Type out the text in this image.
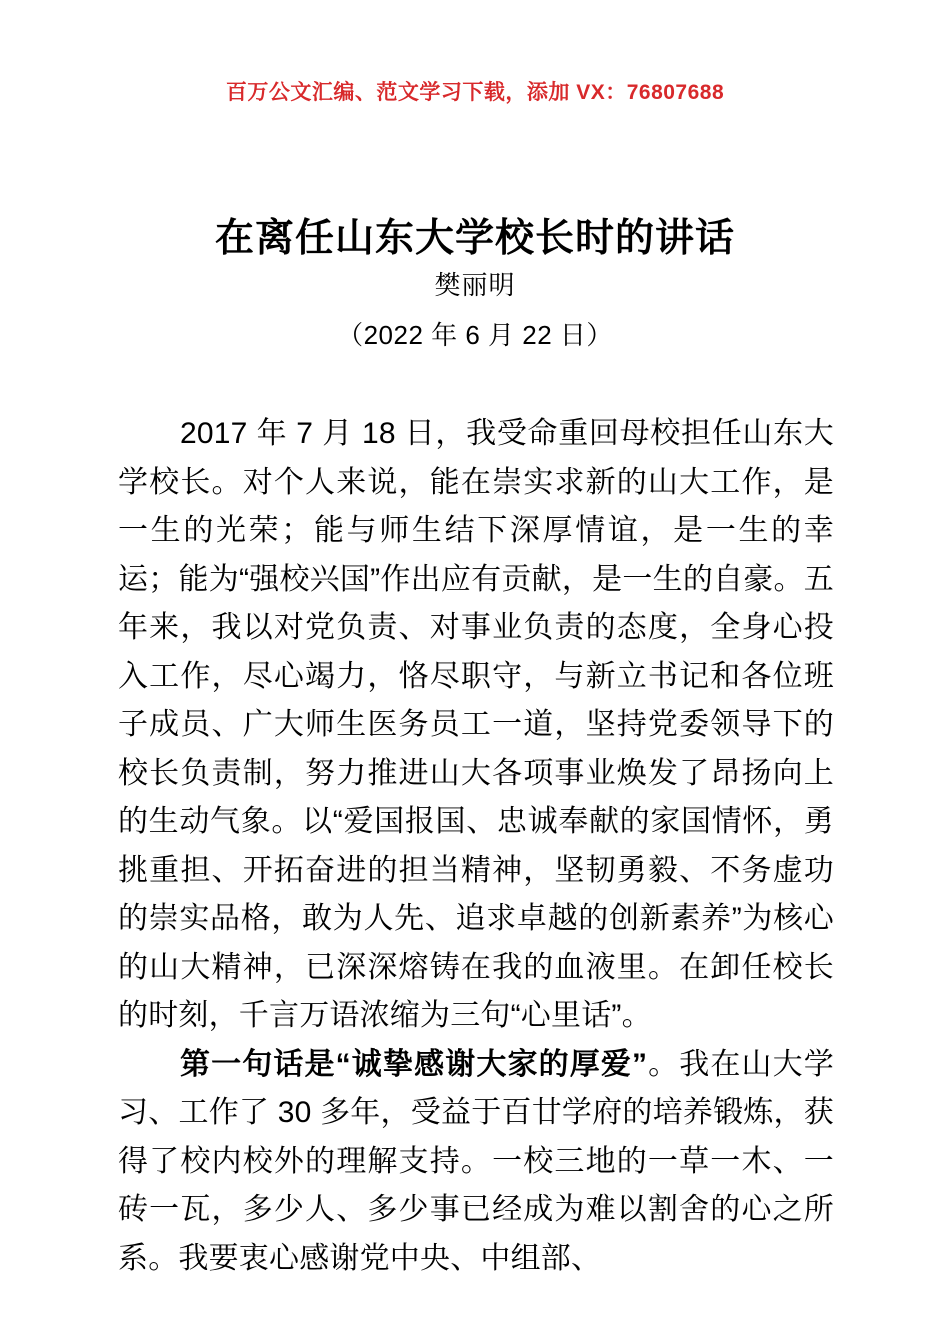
百万公文汇编、范文学习下载，添加 VX：76807688
在离任山东大学校长时的讲话
樊丽明
（2022 年 6 月 22 日）

2017 年 7 月 18 日，我受命重回母校担任山东大学校长。对个人来说，能在崇实求新的山大工作，是一生的光荣；能与师生结下深厚情谊，是一生的幸运；能为“强校兴国”作出应有贡献，是一生的自豪。五年来，我以对党负责、对事业负责的态度，全身心投入工作，尽心竭力，恪尽职守，与新立书记和各位班子成员、广大师生医务员工一道，坚持党委领导下的校长负责制，努力推进山大各项事业焕发了昂扬向上的生动气象。以“爱国报国、忠诚奉献的家国情怀，勇挑重担、开拓奋进的担当精神，坚韧勇毅、不务虚功的崇实品格，敢为人先、追求卓越的创新素养”为核心的山大精神，已深深熔铸在我的血液里。在卸任校长的时刻，千言万语浓缩为三句“心里话”。

第一句话是“诚挚感谢大家的厚爱”。我在山大学习、工作了 30 多年，受益于百廿学府的培养锻炼，获得了校内校外的理解支持。一校三地的一草一木、一砖一瓦，多少人、多少事已经成为难以割舍的心之所系。我要衷心感谢党中央、中组部、
